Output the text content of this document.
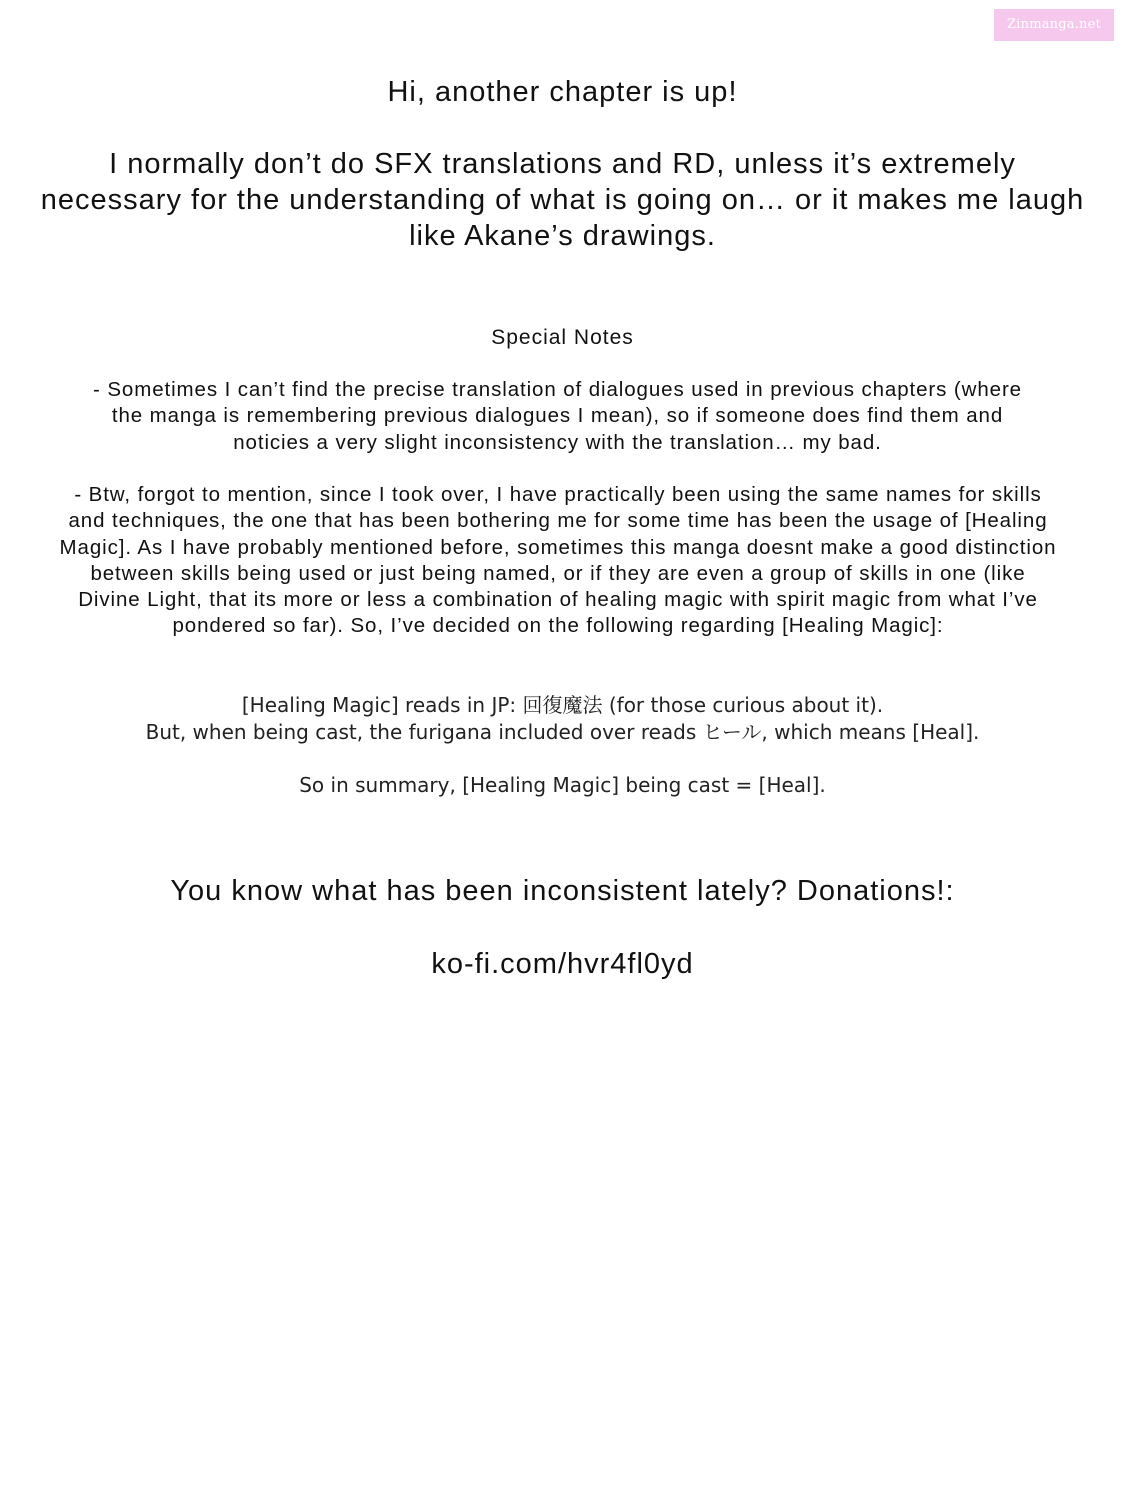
Zinmanga.net

Hi, another chapter is up!

I normally don’t do SFX translations and RD, unless it’s extremely necessary for the understanding of what is going on… or it makes me laugh like Akane’s drawings.

Special Notes

- Sometimes I can’t find the precise translation of dialogues used in previous chapters (where the manga is remembering previous dialogues I mean), so if someone does find them and noticies a very slight inconsistency with the translation… my bad.

- Btw, forgot to mention, since I took over, I have practically been using the same names for skills and techniques, the one that has been bothering me for some time has been the usage of [Healing Magic]. As I have probably mentioned before, sometimes this manga doesnt make a good distinction between skills being used or just being named, or if they are even a group of skills in one (like Divine Light, that its more or less a combination of healing magic with spirit magic from what I’ve pondered so far). So, I’ve decided on the following regarding [Healing Magic]:

[Healing Magic] reads in JP: 回復魔法 (for those curious about it).

But, when being cast, the furigana included over reads ヒール, which means [Heal].

So in summary, [Healing Magic] being cast = [Heal].

You know what has been inconsistent lately? Donations!:

ko-fi.com/hvr4fl0yd
